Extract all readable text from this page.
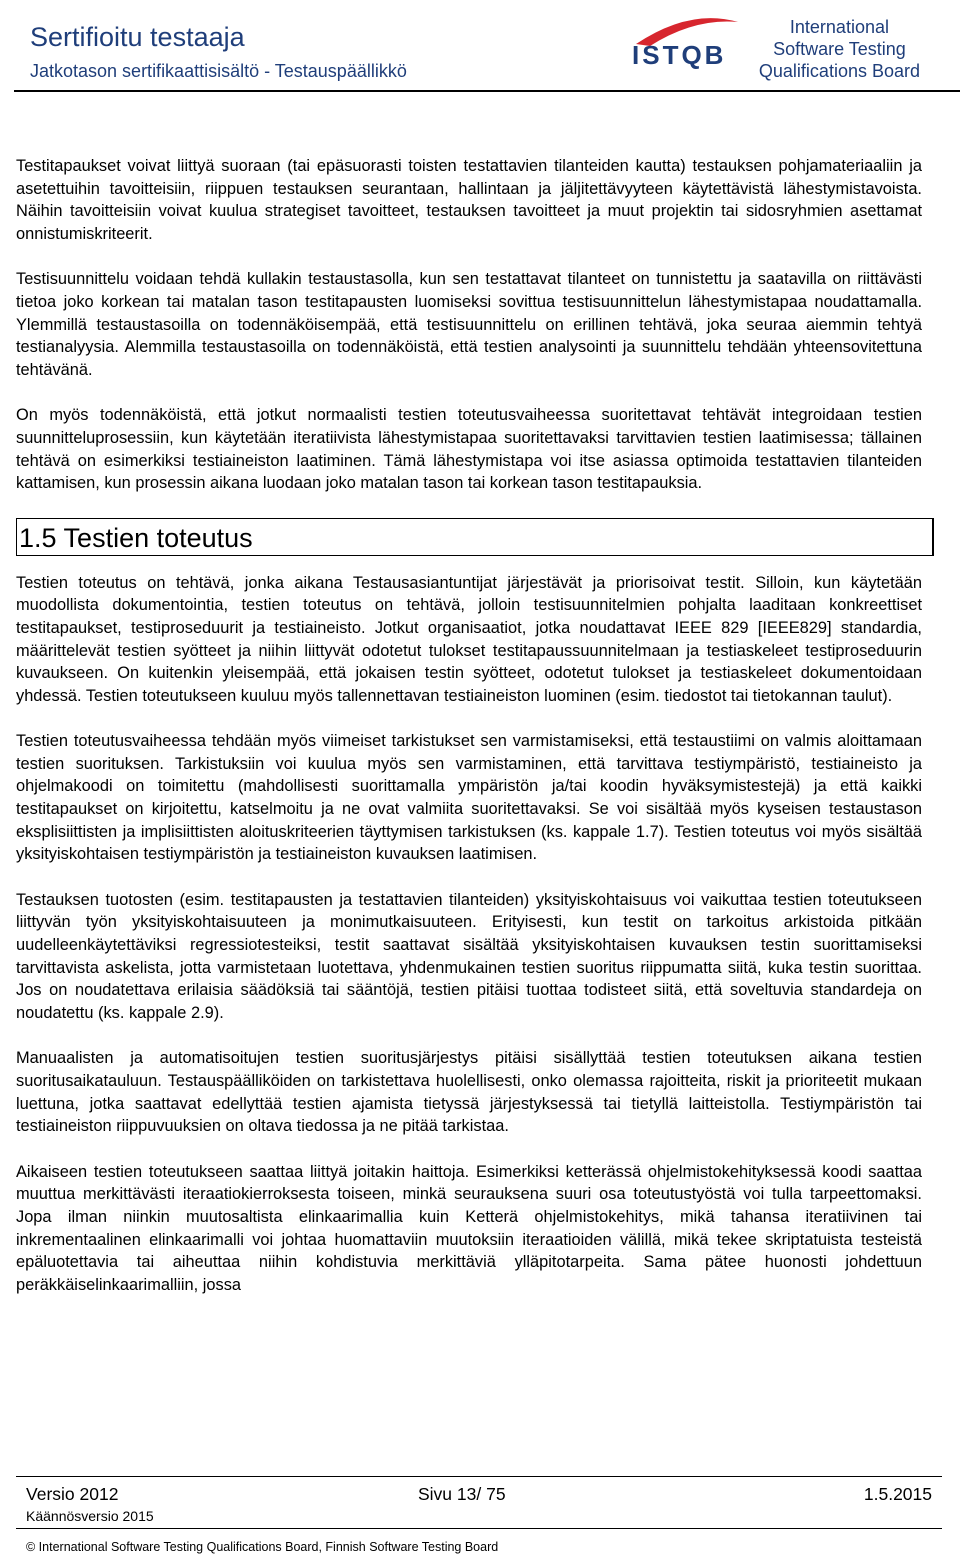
Sertifioitu testaaja
Jatkotason sertifikaattisisältö - Testauspäällikkö
ISTQB
International
Software Testing
Qualifications Board

Testitapaukset voivat liittyä suoraan (tai epäsuorasti toisten testattavien tilanteiden kautta) testauksen pohjamateriaaliin ja asetettuihin tavoitteisiin, riippuen testauksen seurantaan, hallintaan ja jäljitettävyyteen käytettävistä lähestymistavoista. Näihin tavoitteisiin voivat kuulua strategiset tavoitteet, testauksen tavoitteet ja muut projektin tai sidosryhmien asettamat onnistumiskriteerit.

Testisuunnittelu voidaan tehdä kullakin testaustasolla, kun sen testattavat tilanteet on tunnistettu ja saatavilla on riittävästi tietoa joko korkean tai matalan tason testitapausten luomiseksi sovittua testisuunnittelun lähestymistapaa noudattamalla. Ylemmillä testaustasoilla on todennäköisempää, että testisuunnittelu on erillinen tehtävä, joka seuraa aiemmin tehtyä testianalyysia. Alemmilla testaustasoilla on todennäköistä, että testien analysointi ja suunnittelu tehdään yhteensovitettuna tehtävänä.

On myös todennäköistä, että jotkut normaalisti testien toteutusvaiheessa suoritettavat tehtävät integroidaan testien suunnitteluprosessiin, kun käytetään iteratiivista lähestymistapaa suoritettavaksi tarvittavien testien laatimisessa; tällainen tehtävä on esimerkiksi testiaineiston laatiminen. Tämä lähestymistapa voi itse asiassa optimoida testattavien tilanteiden kattamisen, kun prosessin aikana luodaan joko matalan tason tai korkean tason testitapauksia.

1.5 Testien toteutus

Testien toteutus on tehtävä, jonka aikana Testausasiantuntijat järjestävät ja priorisoivat testit. Silloin, kun käytetään muodollista dokumentointia, testien toteutus on tehtävä, jolloin testisuunnitelmien pohjalta laaditaan konkreettiset testitapaukset, testiproseduurit ja testiaineisto. Jotkut organisaatiot, jotka noudattavat IEEE 829 [IEEE829] standardia, määrittelevät testien syötteet ja niihin liittyvät odotetut tulokset testitapaussuunnitelmaan ja testiaskeleet testiproseduurin kuvaukseen. On kuitenkin yleisempää, että jokaisen testin syötteet, odotetut tulokset ja testiaskeleet dokumentoidaan yhdessä. Testien toteutukseen kuuluu myös tallennettavan testiaineiston luominen (esim. tiedostot tai tietokannan taulut).

Testien toteutusvaiheessa tehdään myös viimeiset tarkistukset sen varmistamiseksi, että testaustiimi on valmis aloittamaan testien suorituksen. Tarkistuksiin voi kuulua myös sen varmistaminen, että tarvittava testiympäristö, testiaineisto ja ohjelmakoodi on toimitettu (mahdollisesti suorittamalla ympäristön ja/tai koodin hyväksymistestejä) ja että kaikki testitapaukset on kirjoitettu, katselmoitu ja ne ovat valmiita suoritettavaksi. Se voi sisältää myös kyseisen testaustason eksplisiittisten ja implisiittisten aloituskriteerien täyttymisen tarkistuksen (ks. kappale 1.7). Testien toteutus voi myös sisältää yksityiskohtaisen testiympäristön ja testiaineiston kuvauksen laatimisen.

Testauksen tuotosten (esim. testitapausten ja testattavien tilanteiden) yksityiskohtaisuus voi vaikuttaa testien toteutukseen liittyvän työn yksityiskohtaisuuteen ja monimutkaisuuteen. Erityisesti, kun testit on tarkoitus arkistoida pitkään uudelleenkäytettäviksi regressiotesteiksi, testit saattavat sisältää yksityiskohtaisen kuvauksen testin suorittamiseksi tarvittavista askelista, jotta varmistetaan luotettava, yhdenmukainen testien suoritus riippumatta siitä, kuka testin suorittaa. Jos on noudatettava erilaisia säädöksiä tai sääntöjä, testien pitäisi tuottaa todisteet siitä, että soveltuvia standardeja on noudatettu (ks. kappale 2.9).

Manuaalisten ja automatisoitujen testien suoritusjärjestys pitäisi sisällyttää testien toteutuksen aikana testien suoritusaikatauluun. Testauspäälliköiden on tarkistettava huolellisesti, onko olemassa rajoitteita, riskit ja prioriteetit mukaan luettuna, jotka saattavat edellyttää testien ajamista tietyssä järjestyksessä tai tietyllä laitteistolla. Testiympäristön tai testiaineiston riippuvuuksien on oltava tiedossa ja ne pitää tarkistaa.

Aikaiseen testien toteutukseen saattaa liittyä joitakin haittoja. Esimerkiksi ketterässä ohjelmistokehityksessä koodi saattaa muuttua merkittävästi iteraatiokierroksesta toiseen, minkä seurauksena suuri osa toteutustyöstä voi tulla tarpeettomaksi. Jopa ilman niinkin muutosaltista elinkaarimallia kuin Ketterä ohjelmistokehitys, mikä tahansa iteratiivinen tai inkrementaalinen elinkaarimalli voi johtaa huomattaviin muutoksiin iteraatioiden välillä, mikä tekee skriptatuista testeistä epäluotettavia tai aiheuttaa niihin kohdistuvia merkittäviä ylläpitotarpeita. Sama pätee huonosti johdettuun peräkkäiselinkaarimalliin, jossa

Versio 2012	Sivu 13/ 75	1.5.2015
Käännösversio 2015
© International Software Testing Qualifications Board, Finnish Software Testing Board
